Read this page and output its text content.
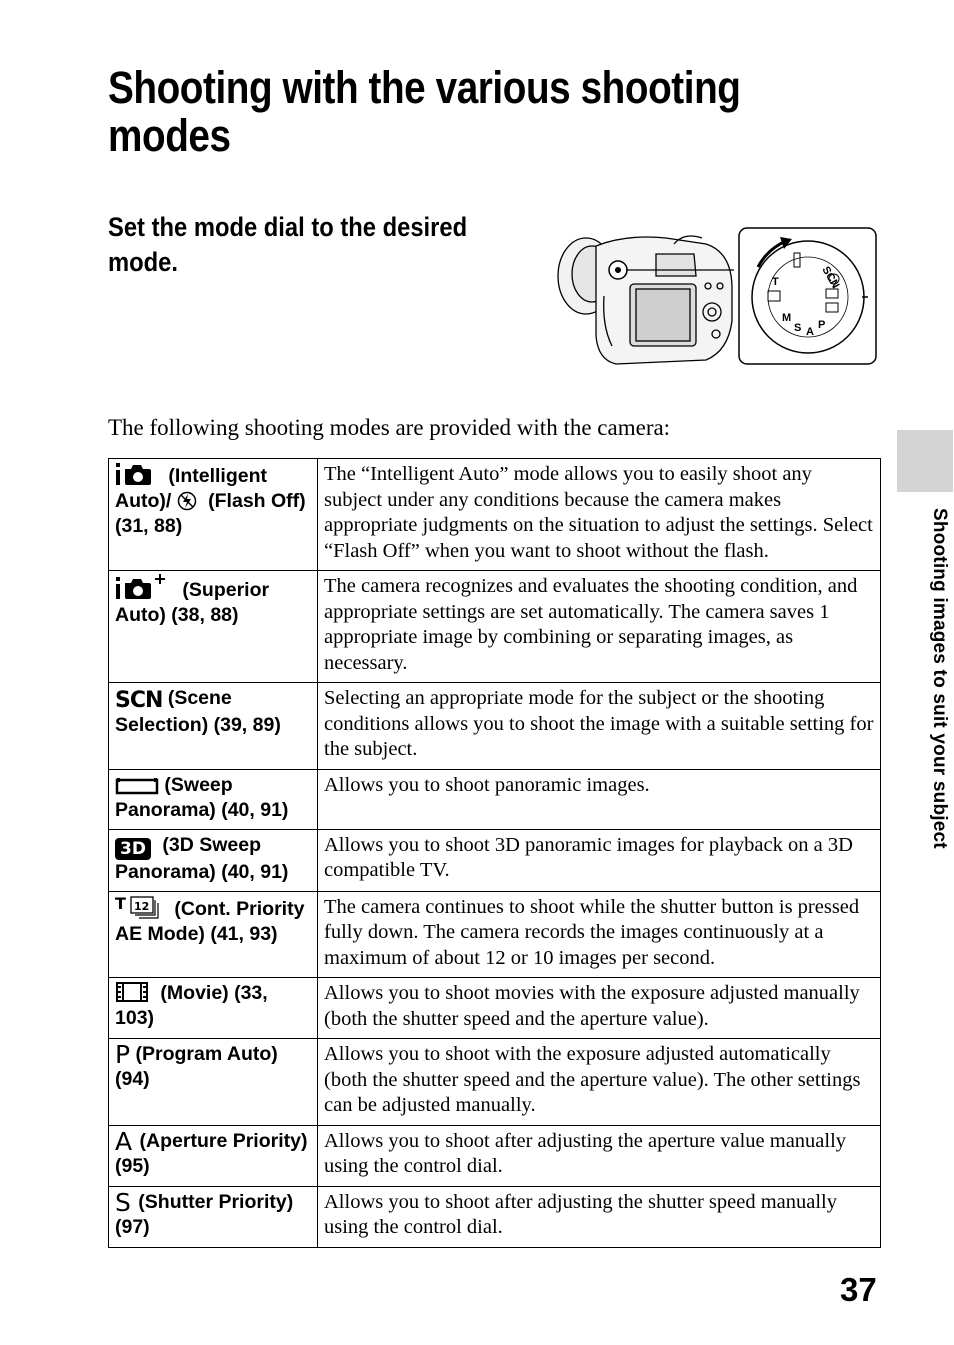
Shooting with the various shooting modes
Set the mode dial to the desired mode.
SCN
P
A
S
M
T

The following shooting modes are provided with the camera:

(Intelligent Auto)/  (Flash Off) (31, 88)	The “Intelligent Auto” mode allows you to easily shoot any subject under any conditions because the camera makes appropriate judgments on the situation to adjust the settings. Select “Flash Off” when you want to shoot without the flash.
(Superior Auto) (38, 88)	The camera recognizes and evaluates the shooting condition, and appropriate settings are set automatically. The camera saves 1 appropriate image by combining or separating images, as necessary.
SCN (Scene Selection) (39, 89)	Selecting an appropriate mode for the subject or the shooting conditions allows you to shoot the image with a suitable setting for the subject.
(Sweep Panorama) (40, 91)	Allows you to shoot panoramic images.
3D (3D Sweep Panorama) (40, 91)	Allows you to shoot 3D panoramic images for playback on a 3D compatible TV.

T 12 (Cont. Priority AE Mode) (41, 93)	The camera continues to shoot while the shutter button is pressed fully down. The camera records the images continuously at a maximum of about 12 or 10 images per second.
(Movie) (33, 103)	Allows you to shoot movies with the exposure adjusted manually (both the shutter speed and the aperture value).
P (Program Auto) (94)	Allows you to shoot with the exposure adjusted automatically (both the shutter speed and the aperture value). The other settings can be adjusted manually.
A (Aperture Priority) (95)	Allows you to shoot after adjusting the aperture value manually using the control dial.
S (Shutter Priority) (97)	Allows you to shoot after adjusting the shutter speed manually using the control dial.
Shooting images to suit your subject
37
